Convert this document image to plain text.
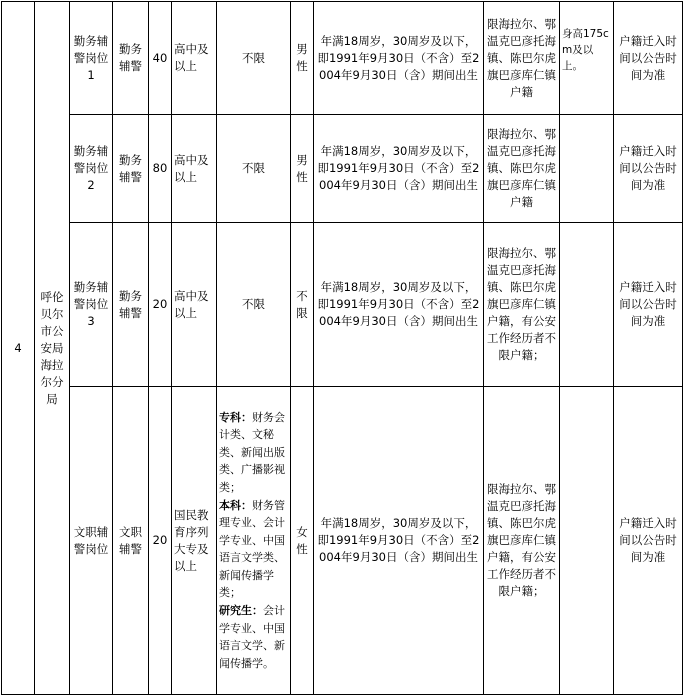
4	呼伦贝尔市公安局海拉尔分局	勤务辅警岗位1	勤务辅警	40	高中及以上	不限	男性	年满18周岁，30周岁及以下，即1991年9月30日（不含）至2004年9月30日（含）期间出生	限海拉尔、鄂温克巴彦托海镇、陈巴尔虎旗巴彦库仁镇户籍	身高175cm及以上。	户籍迁入时间以公告时间为准
		勤务辅警岗位2	勤务辅警	80	高中及以上	不限	男性	年满18周岁，30周岁及以下，即1991年9月30日（不含）至2004年9月30日（含）期间出生	限海拉尔、鄂温克巴彦托海镇、陈巴尔虎旗巴彦库仁镇户籍		户籍迁入时间以公告时间为准
		勤务辅警岗位3	勤务辅警	20	高中及以上	不限	不限	年满18周岁，30周岁及以下，即1991年9月30日（不含）至2004年9月30日（含）期间出生	限海拉尔、鄂温克巴彦托海镇、陈巴尔虎旗巴彦库仁镇户籍，有公安工作经历者不限户籍；		户籍迁入时间以公告时间为准
		文职辅警岗位	文职辅警	20	国民教育序列大专及以上	专科：财务会计类、文秘类、新闻出版类、广播影视类；
本科：财务管理专业、会计学专业、中国语言文学类、新闻传播学类；
研究生：会计学专业、中国语言文学、新闻传播学。	女性	年满18周岁，30周岁及以下，即1991年9月30日（不含）至2004年9月30日（含）期间出生	限海拉尔、鄂温克巴彦托海镇、陈巴尔虎旗巴彦库仁镇户籍，有公安工作经历者不限户籍；		户籍迁入时间以公告时间为准
